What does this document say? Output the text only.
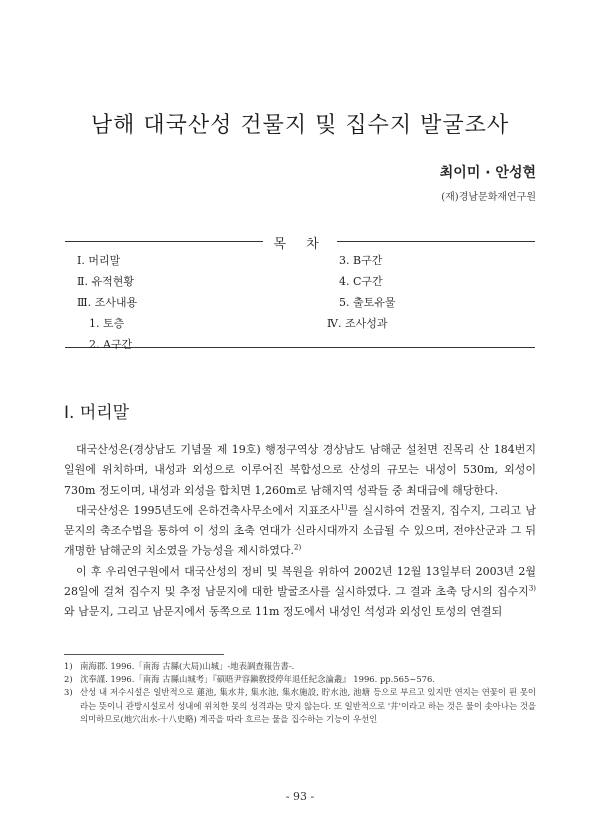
남해 대국산성 건물지 및 집수지 발굴조사
최이미 · 안성현
(재)경남문화재연구원
목 차
Ⅰ. 머리말
Ⅱ. 유적현황
Ⅲ. 조사내용
1. 토층
2. A구간
3. B구간
4. C구간
5. 출토유물
Ⅳ. 조사성과
Ⅰ. 머리말

대국산성은(경상남도 기념물 제 19호) 행정구역상 경상남도 남해군 설천면 진목리 산 184번지 일원에 위치하며, 내성과 외성으로 이루어진 복합성으로 산성의 규모는 내성이 530m, 외성이 730m 정도이며, 내성과 외성을 합치면 1,260m로 남해지역 성곽들 중 최대급에 해당한다.

대국산성은 1995년도에 은하건축사무소에서 지표조사$^{1)}$를 실시하여 건물지, 집수지, 그리고 남문지의 축조수법을 통하여 이 성의 초축 연대가 신라시대까지 소급될 수 있으며, 전야산군과 그 뒤 개명한 남해군의 치소였을 가능성을 제시하였다.$^{2)}$

이 후 우리연구원에서 대국산성의 정비 및 복원을 위하여 2002년 12월 13일부터 2003년 2월 28일에 걸쳐 집수지 및 추정 남문지에 대한 발굴조사를 실시하였다. 그 결과 초축 당시의 집수지$^{3)}$와 남문지, 그리고 남문지에서 동쪽으로 11m 정도에서 내성인 석성과 외성인 토성의 연결되

1) 南海郡. 1996.「南海 古縣(大局)山城」-地表調査報告書-.
2) 沈奉謹. 1996.「南海 古縣山城考」『碩晤尹容鎭敎授停年退任紀念論叢』 1996. pp.565~576.
3) 산성 내 저수시설은 일반적으로 蓮池, 集水井, 集水池, 集水施設, 貯水池, 池塘 등으로 부르고 있지만 연지는 연꽃이 핀 못이라는 뜻이니 관방시설로서 성내에 위치한 못의 성격과는 맞지 않는다. 또 일반적으로 '井'이라고 하는 것은 물이 솟아나는 것을 의미하므로(地穴出水-十八史略) 계곡을 따라 흐르는 물을 집수하는 기능이 우선인
- 93 -
